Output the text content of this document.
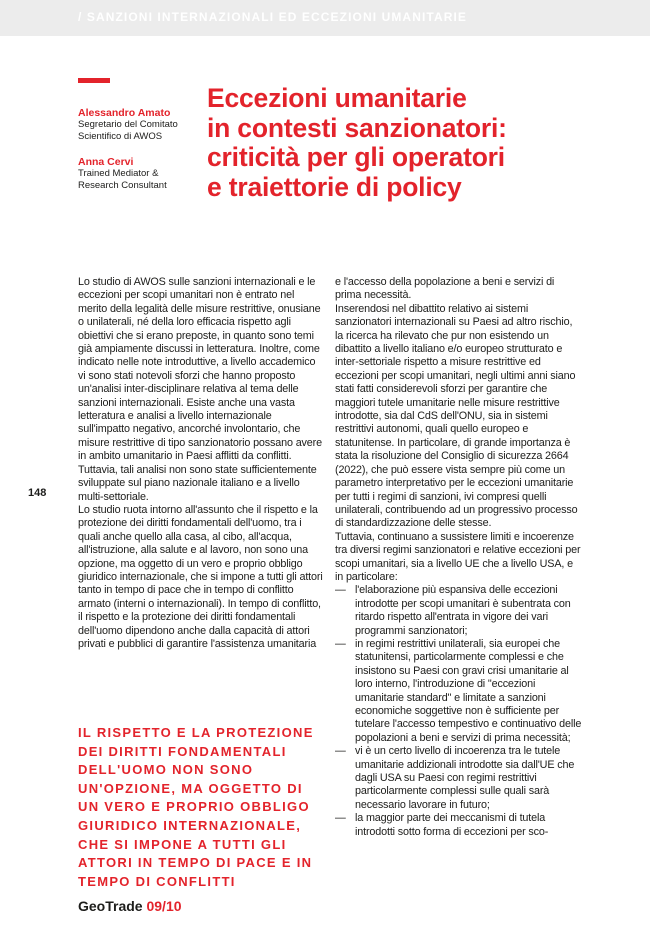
/ SANZIONI INTERNAZIONALI ED ECCEZIONI UMANITARIE
Alessandro Amato
Segretario del Comitato
Scientifico di AWOS
Anna Cervi
Trained Mediator &
Research Consultant
Eccezioni umanitarie
in contesti sanzionatori:
criticità per gli operatori
e traiettorie di policy

Lo studio di AWOS sulle sanzioni internazionali e le eccezioni per scopi umanitari non è entrato nel merito della legalità delle misure restrittive, onusiane o unilaterali, né della loro efficacia rispetto agli obiettivi che si erano preposte, in quanto sono temi già ampiamente discussi in letteratura. Inoltre, come indicato nelle note introduttive, a livello accademico vi sono stati notevoli sforzi che hanno proposto un'analisi inter-disciplinare relativa al tema delle sanzioni internazionali. Esiste anche una vasta letteratura e analisi a livello internazionale sull'impatto negativo, ancorché involontario, che misure restrittive di tipo sanzionatorio possano avere in ambito umanitario in Paesi afflitti da conflitti. Tuttavia, tali analisi non sono state sufficientemente sviluppate sul piano nazionale italiano e a livello multi-settoriale.

Lo studio ruota intorno all'assunto che il rispetto e la protezione dei diritti fondamentali dell'uomo, tra i quali anche quello alla casa, al cibo, all'acqua, all'istruzione, alla salute e al lavoro, non sono una opzione, ma oggetto di un vero e proprio obbligo giuridico internazionale, che si impone a tutti gli attori tanto in tempo di pace che in tempo di conflitto armato (interni o internazionali). In tempo di conflitto, il rispetto e la protezione dei diritti fondamentali dell'uomo dipendono anche dalla capacità di attori privati e pubblici di garantire l'assistenza umanitaria

e l'accesso della popolazione a beni e servizi di prima necessità.

Inserendosi nel dibattito relativo ai sistemi sanzionatori internazionali su Paesi ad altro rischio, la ricerca ha rilevato che pur non esistendo un dibattito a livello italiano e/o europeo strutturato e inter-settoriale rispetto a misure restrittive ed eccezioni per scopi umanitari, negli ultimi anni siano stati fatti considerevoli sforzi per garantire che maggiori tutele umanitarie nelle misure restrittive introdotte, sia dal CdS dell'ONU, sia in sistemi restrittivi autonomi, quali quello europeo e statunitense. In particolare, di grande importanza è stata la risoluzione del Consiglio di sicurezza 2664 (2022), che può essere vista sempre più come un parametro interpretativo per le eccezioni umanitarie per tutti i regimi di sanzioni, ivi compresi quelli unilaterali, contribuendo ad un progressivo processo di standardizzazione delle stesse.

Tuttavia, continuano a sussistere limiti e incoerenze tra diversi regimi sanzionatori e relative eccezioni per scopi umanitari, sia a livello UE che a livello USA, e in particolare:

— l'elaborazione più espansiva delle eccezioni introdotte per scopi umanitari è subentrata con ritardo rispetto all'entrata in vigore dei vari programmi sanzionatori;
— in regimi restrittivi unilaterali, sia europei che statunitensi, particolarmente complessi e che insistono su Paesi con gravi crisi umanitarie al loro interno, l'introduzione di "eccezioni umanitarie standard" e limitate a sanzioni economiche soggettive non è sufficiente per tutelare l'accesso tempestivo e continuativo delle popolazioni a beni e servizi di prima necessità;
— vi è un certo livello di incoerenza tra le tutele umanitarie addizionali introdotte sia dall'UE che dagli USA su Paesi con regimi restrittivi particolarmente complessi sulle quali sarà necessario lavorare in futuro;
— la maggior parte dei meccanismi di tutela introdotti sotto forma di eccezioni per sco-
148
IL RISPETTO E LA PROTEZIONE
DEI DIRITTI FONDAMENTALI
DELL'UOMO NON SONO
UN'OPZIONE, MA OGGETTO DI
UN VERO E PROPRIO OBBLIGO
GIURIDICO INTERNAZIONALE,
CHE SI IMPONE A TUTTI GLI
ATTORI IN TEMPO DI PACE E IN
TEMPO DI CONFLITTI
GeoTrade 09/10
